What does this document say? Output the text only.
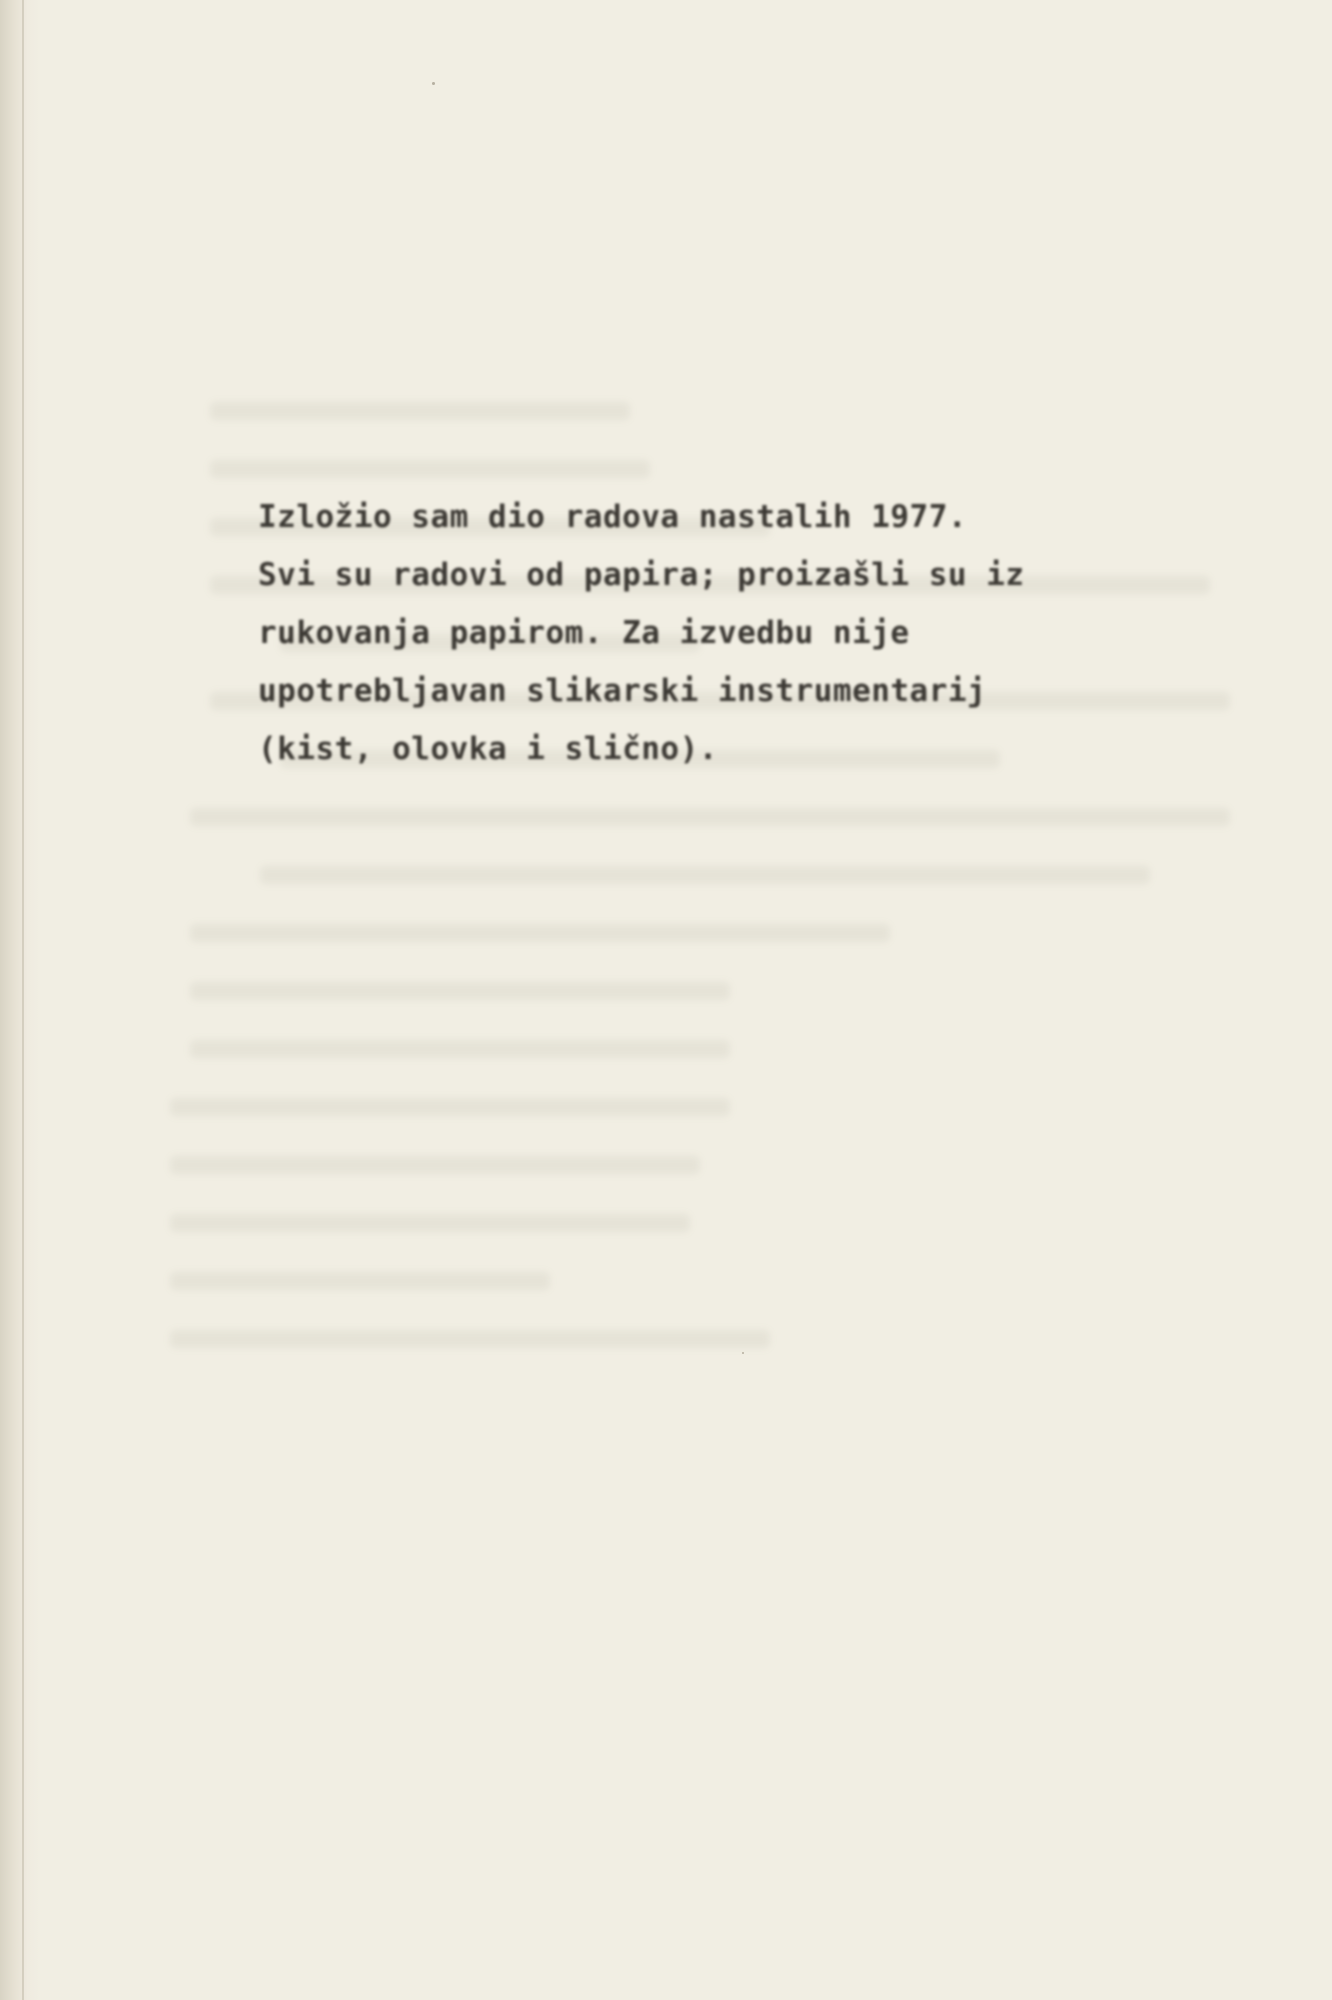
Izložio sam dio radova nastalih 1977.
Svi su radovi od papira; proizašli su iz
rukovanja papirom. Za izvedbu nije
upotrebljavan slikarski instrumentarij
(kist, olovka i slično).
